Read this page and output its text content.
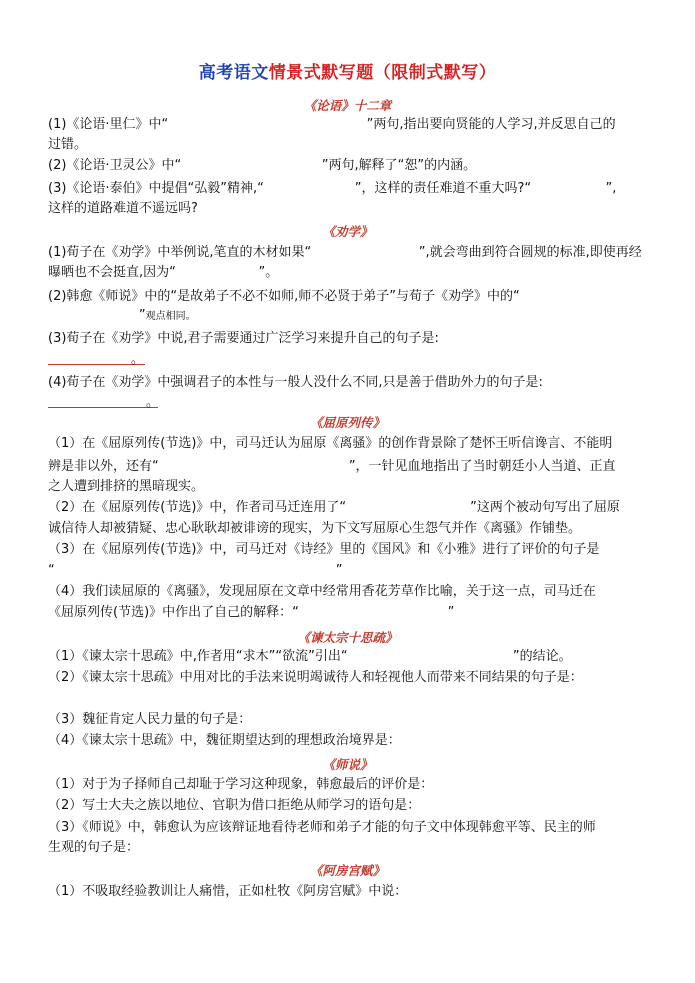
高考语文情景式默写题（限制式默写）
《论语》十二章
(1)《论语·里仁》中“                                                ”两句,指出要向贤能的人学习,并反思自己的
过错。
(2)《论语·卫灵公》中“                                  ”两句,解释了“恕”的内涵。
(3)《论语·泰伯》中提倡“弘毅”精神,“                      ”，这样的责任难道不重大吗?“                  ”,
这样的道路难道不遥远吗?
《劝学》
(1)荀子在《劝学》中举例说,笔直的木材如果“                          ”,就会弯曲到符合圆规的标准,即使再经
曝晒也不会挺直,因为“                    ”。
(2)韩愈《师说》中的“是故弟子不必不如师,师不必贤于弟子”与荀子《劝学》中的“
”观点相同。
(3)荀子在《劝学》中说,君子需要通过广泛学习来提升自己的句子是:
。
(4)荀子在《劝学》中强调君子的本性与一般人没什么不同,只是善于借助外力的句子是:
。
《屈原列传》
（1）在《屈原列传(节选)》中，司马迁认为屈原《离骚》的创作背景除了楚怀王听信谗言、不能明
辨是非以外，还有“                                              ”，一针见血地指出了当时朝廷小人当道、正直
之人遭到排挤的黑暗现实。
（2）在《屈原列传(节选)》中，作者司马迁连用了“                              ”这两个被动句写出了屈原
诚信待人却被猜疑、忠心耿耿却被诽谤的现实，为下文写屈原心生怨气并作《离骚》作铺垫。
（3）在《屈原列传(节选)》中，司马迁对《诗经》里的《国风》和《小雅》进行了评价的句子是
“                                                                    ”
（4）我们读屈原的《离骚》，发现屈原在文章中经常用香花芳草作比喻，关于这一点，司马迁在
《屈原列传(节选)》中作出了自己的解释：“                                    ”
《谏太宗十思疏》
（1）《谏太宗十思疏》中,作者用“求木”“欲流”引出“                                        ”的结论。
（2）《谏太宗十思疏》中用对比的手法来说明竭诚待人和轻视他人而带来不同结果的句子是：
（3）魏征肯定人民力量的句子是：
（4）《谏太宗十思疏》中，魏征期望达到的理想政治境界是：
《师说》
（1）对于为子择师自己却耻于学习这种现象，韩愈最后的评价是：
（2）写士大夫之族以地位、官职为借口拒绝从师学习的语句是：
（3）《师说》中，韩愈认为应该辩证地看待老师和弟子才能的句子文中体现韩愈平等、民主的师
生观的句子是：
《阿房宫赋》
（1）不吸取经验教训让人痛惜，正如杜牧《阿房宫赋》中说：
